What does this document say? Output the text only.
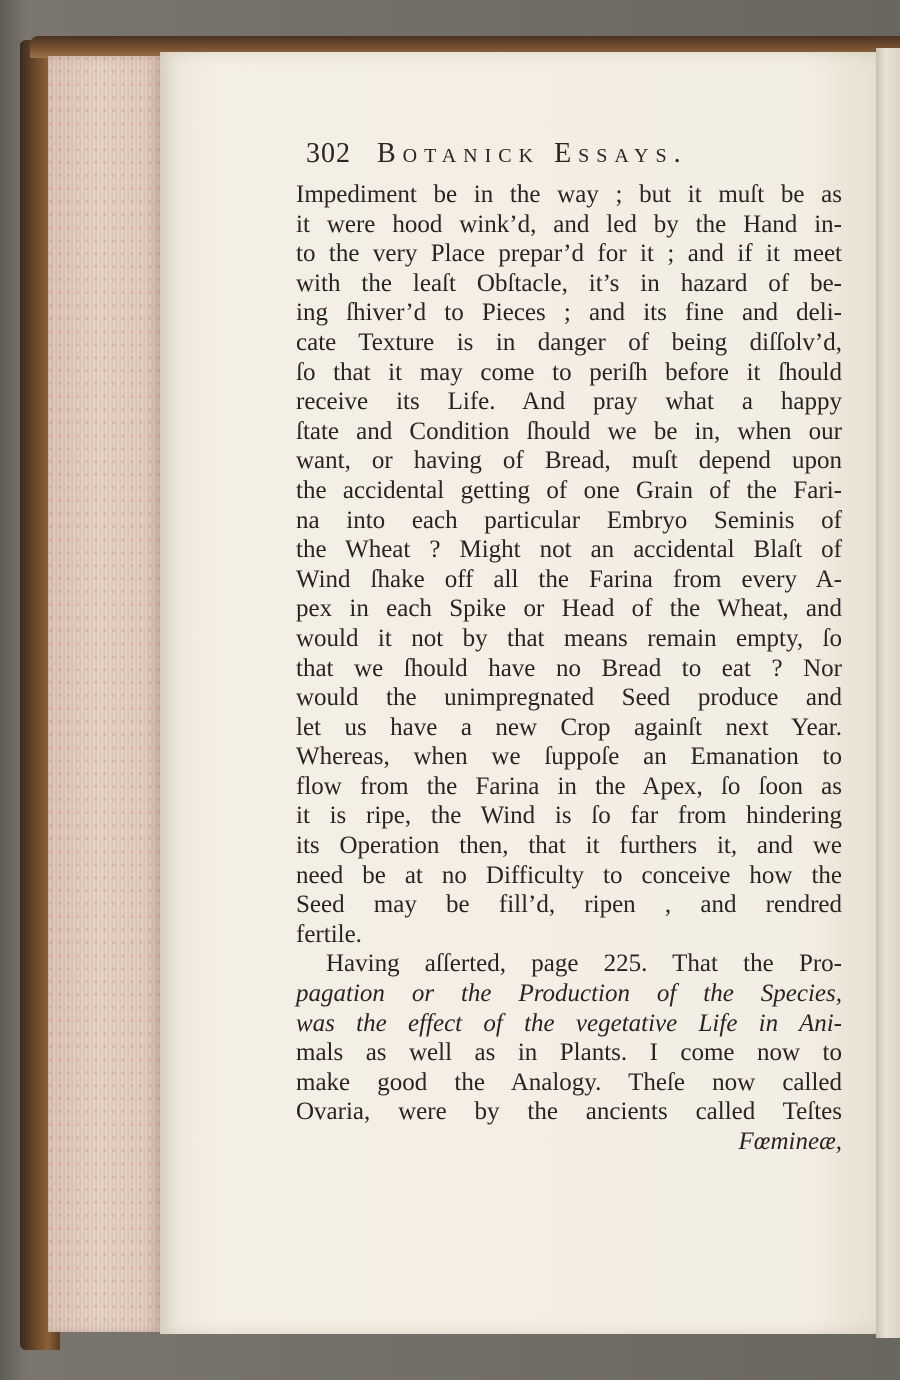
302 Botanick Essays.
Impediment be in the way ; but it muſt be as
it were hood wink’d, and led by the Hand in-
to the very Place prepar’d for it ; and if it meet
with the leaſt Obſtacle, it’s in hazard of be-
ing ſhiver’d to Pieces ; and its fine and deli-
cate Texture is in danger of being diſſolv’d,
ſo that it may come to periſh before it ſhould
receive its Life. And pray what a happy
ſtate and Condition ſhould we be in, when our
want, or having of Bread, muſt depend upon
the accidental getting of one Grain of the Fari-
na into each particular Embryo Seminis of
the Wheat ? Might not an accidental Blaſt of
Wind ſhake off all the Farina from every A-
pex in each Spike or Head of the Wheat, and
would it not by that means remain empty, ſo
that we ſhould have no Bread to eat ? Nor
would the unimpregnated Seed produce and
let us have a new Crop againſt next Year.
Whereas, when we ſuppoſe an Emanation to
flow from the Farina in the Apex, ſo ſoon as
it is ripe, the Wind is ſo far from hindering
its Operation then, that it furthers it, and we
need be at no Difficulty to conceive how the
Seed may be fill’d, ripen , and rendred
fertile.
Having aſſerted, page 225. That the Pro-
pagation or the Production of the Species,
was the effect of the vegetative Life in Ani-
mals as well as in Plants. I come now to
make good the Analogy. Theſe now called
Ovaria, were by the ancients called Teſtes
Fœmineæ,
